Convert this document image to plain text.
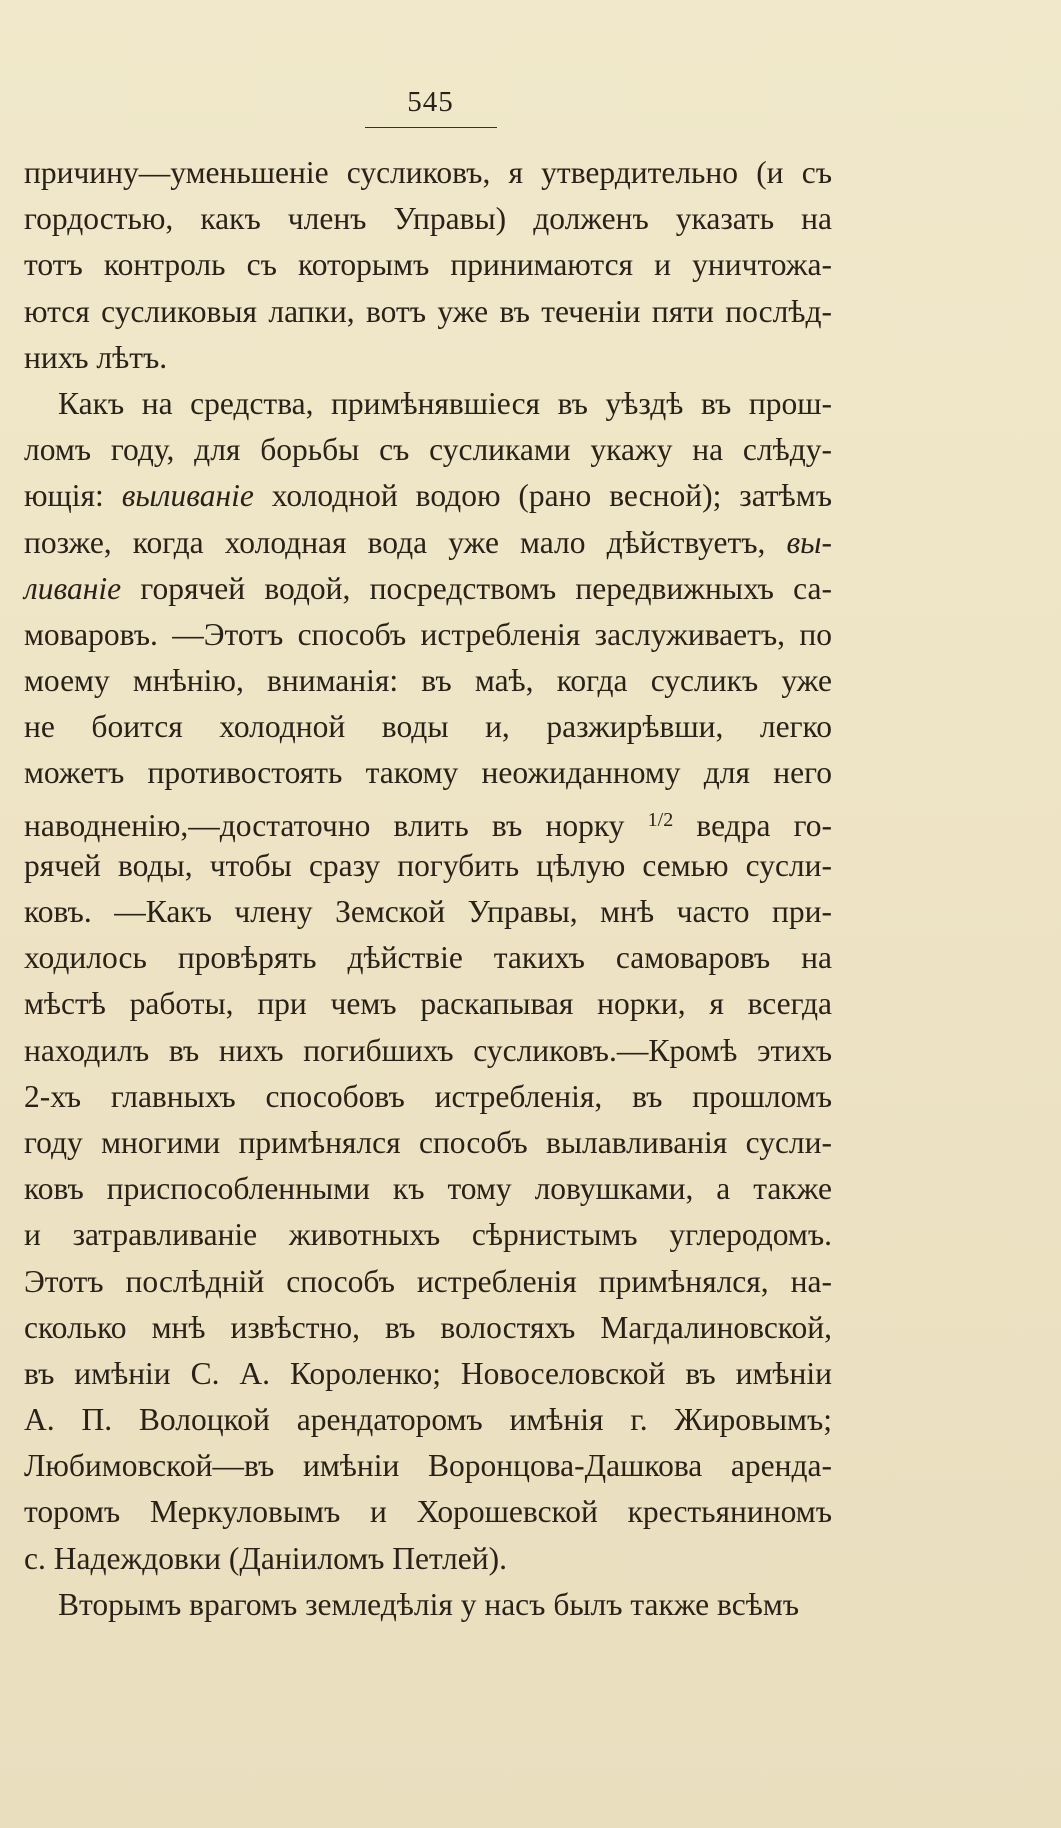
545
причину—уменьшеніе сусликовъ, я утвердительно (и съ
гордостью, какъ членъ Управы) долженъ указать на
тотъ контроль съ которымъ принимаются и уничтожа-
ются сусликовыя лапки, вотъ уже въ теченіи пяти послѣд-
нихъ лѣтъ.
Какъ на средства, примѣнявшіеся въ уѣздѣ въ прош-
ломъ году, для борьбы съ сусликами укажу на слѣду-
ющія: выливаніе холодной водою (рано весной); затѣмъ
позже, когда холодная вода уже мало дѣйствуетъ, вы-
ливаніе горячей водой, посредствомъ передвижныхъ са-
моваровъ. —Этотъ способъ истребленія заслуживаетъ, по
моему мнѣнію, вниманія: въ маѣ, когда сусликъ уже
не боится холодной воды и, разжирѣвши, легко
можетъ противостоять такому неожиданному для него
наводненію,—достаточно влить въ норку $^{1/2}$ ведра го-
рячей воды, чтобы сразу погубить цѣлую семью сусли-
ковъ. —Какъ члену Земской Управы, мнѣ часто при-
ходилось провѣрять дѣйствіе такихъ самоваровъ на
мѣстѣ работы, при чемъ раскапывая норки, я всегда
находилъ въ нихъ погибшихъ сусликовъ.—Кромѣ этихъ
2-хъ главныхъ способовъ истребленія, въ прошломъ
году многими примѣнялся способъ вылавливанія сусли-
ковъ приспособленными къ тому ловушками, а также
и затравливаніе животныхъ сѣрнистымъ углеродомъ.
Этотъ послѣдній способъ истребленія примѣнялся, на-
сколько мнѣ извѣстно, въ волостяхъ Магдалиновской,
въ имѣніи С. А. Короленко; Новоселовской въ имѣніи
А. П. Волоцкой арендаторомъ имѣнія г. Жировымъ;
Любимовской—въ имѣніи Воронцова-Дашкова аренда-
торомъ Меркуловымъ и Хорошевской крестьяниномъ
с. Надеждовки (Даніиломъ Петлей).
Вторымъ врагомъ земледѣлія у насъ былъ также всѣмъ
